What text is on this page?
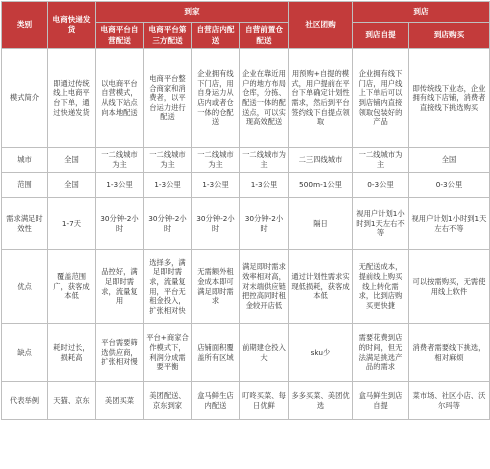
类别	电商快递发货	到家				社区团购	到店	
		电商平台自营配送	电商平台第三方配送	自营店内配送	自营前置仓配送		到店自提	到店购买
模式简介	即通过传统线上电商平台下单，通过快递发货	以电商平台自营模式，从线下站点向本地配送	电商平台整合商家和消费者，以平台运力进行配送	企业拥有线下门店，用自身运力从店内或者仓一体的仓配送	企业在靠近用户的地方布局仓库，分拣、配送一体的配送点，可以实现高效配送	用预购+自提的模式，用户提前在平台下单确定计划性需求，然后到平台签约线下自提点领取	企业拥有线下门店，用户线上下单后可以到店铺内直接领取包装好的产品	即传统线下业态，企业拥有线下店铺，消费者直接线下挑选购买
城市	全国	一二线城市为主	一二线城市为主	一二线城市为主	一二线城市为主	二三四线城市	一二线城市为主	全国
范围	全国	1-3公里	1-3公里	1-3公里	1-3公里	500m-1公里	0-3公里	0-3公里
需求满足时效性	1-7天	30分钟-2小时	30分钟-2小时	30分钟-2小时	30分钟-2小时	隔日	视用户计划1小时到1天左右不等	视用户计划1小时到1天左右不等
优点	覆盖范围广，获客成本低	品控好，满足即时需求，流量复用	选择多，满足即时需求，流量复用，平台无租金投入，扩张相对快	无需额外租金成本即可满足即时需求	满足即时需求效率相对高，对末端供应链把控高同时租金较开店低	通过计划性需求实现低损耗，获客成本低	无配送成本，提前线上购买线上转化需求，比到店购买更快捷	可以按需购买，无需使用线上软件
缺点	耗时过长，损耗高	平台需要筛选供应商，扩张相对慢	平台+商家合作模式下，利润分成需要平衡	店铺面积覆盖所有区域	前期建仓投入大	sku少	需要花费到店的时间，但无法满足挑选产品的需求	消费者需要线下挑选，相对麻烦
代表举例	天猫、京东	美团买菜	美团配送、京东到家	盒马鲜生店内配送	叮咚买菜、每日优鲜	多多买菜、美团优选	盒马鲜生到店自提	菜市场、社区小店、沃尔玛等
